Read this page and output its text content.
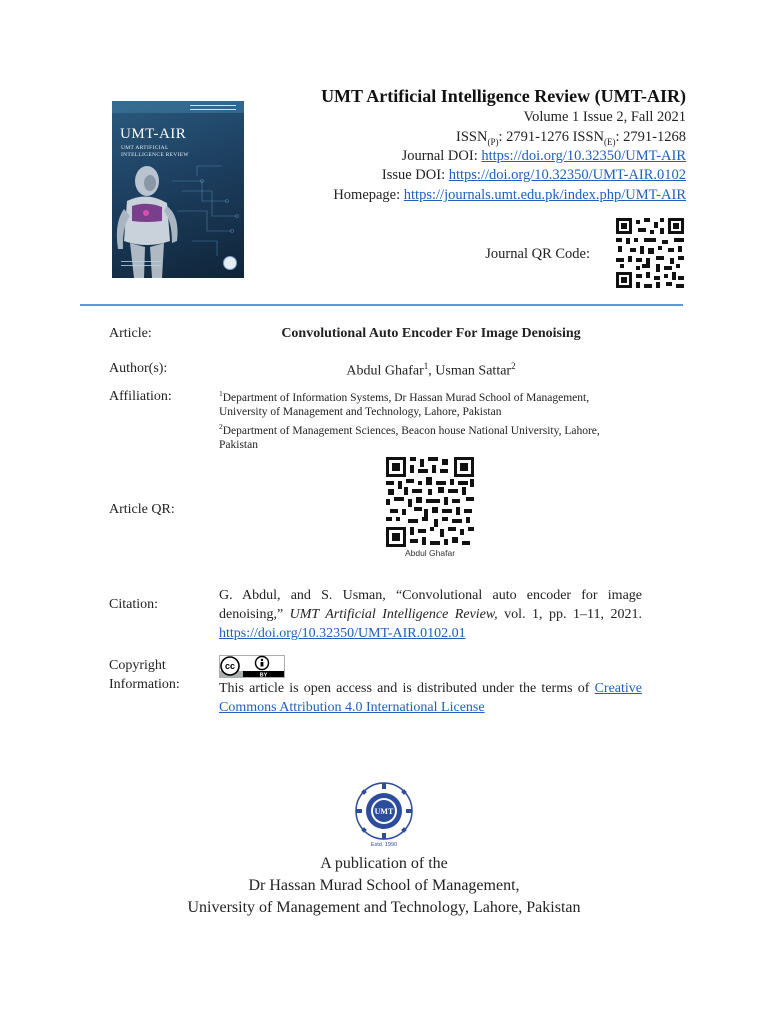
UMT-AIR
UMT ARTIFICIAL INTELLIGENCE REVIEW
UMT Artificial Intelligence Review (UMT-AIR)
Volume 1 Issue 2, Fall 2021
$ISSN_{(P)}$: 2791-1276 $ISSN_{(E)}$: 2791-1268
Journal DOI: https://doi.org/10.32350/UMT-AIR
Issue DOI: https://doi.org/10.32350/UMT-AIR.0102
Homepage: https://journals.umt.edu.pk/index.php/UMT-AIR
Journal QR Code:
Article:	Convolutional Auto Encoder For Image Denoising
Author(s):	Abdul Ghafar$^1$, Usman Sattar$^2$
Affiliation:	$^1$Department of Information Systems, Dr Hassan Murad School of Management, University of Management and Technology, Lahore, Pakistan
$^2$Department of Management Sciences, Beacon house National University, Lahore, Pakistan
Article QR:
Abdul Ghafar
Citation:
G. Abdul, and S. Usman, “Convolutional auto encoder for image denoising,” UMT Artificial Intelligence Review, vol. 1, pp. 1–11, 2021. https://doi.org/10.32350/UMT-AIR.0102.01
Copyright Information:
cc
BY
This article is open access and is distributed under the terms of Creative Commons Attribution 4.0 International License
UMT
Estd. 1990
A publication of the
Dr Hassan Murad School of Management,
University of Management and Technology, Lahore, Pakistan
